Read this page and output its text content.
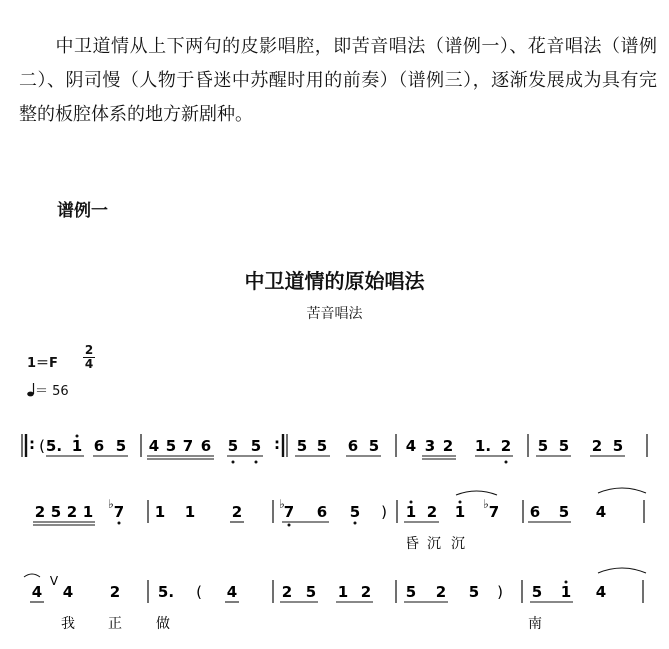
中卫道情从上下两句的皮影唱腔，即苦音唱法（谱例一）、花音唱法（谱例二）、阴司慢（人物于昏迷中苏醒时用的前奏）（谱例三），逐渐发展成为具有完整的板腔体系的地方新剧种。

谱例一
中卫道情的原始唱法
苦音唱法
1＝F
2
4
＝ 56
5. 1 6 5 4 5 7 6 5 5 5 5 6 5 4 3 2 1. 2 5 5 2 5
: (	:
2 5 2 1 7 1 1 2	7 6 5	1 2 1 7 6 5 4
♭	♭	♭
)
昏 沉 沉
4 4 2	5.	4	2 5 1 2 5 2 5	5 1 4
V
(	)
我 正 做	南
